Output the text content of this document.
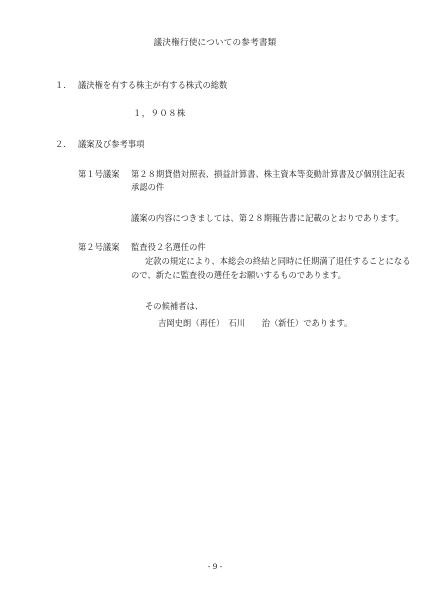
議決権行使についての参考書類
１. 議決権を有する株主が有する株式の総数
１，９０８株
２. 議案及び参考事項
第１号議案 第２８期貸借対照表、損益計算書、株主資本等変動計算書及び個別注記表
承認の件
議案の内容につきましては、第２８期報告書に記載のとおりであります。
第２号議案 監査役２名選任の件
定款の規定により、本総会の終結と同時に任期満了退任することになる
ので、新たに監査役の選任をお願いするものであります。
その候補者は、
吉岡史朗（再任）　石川　　治（新任）であります。
- 9 -
